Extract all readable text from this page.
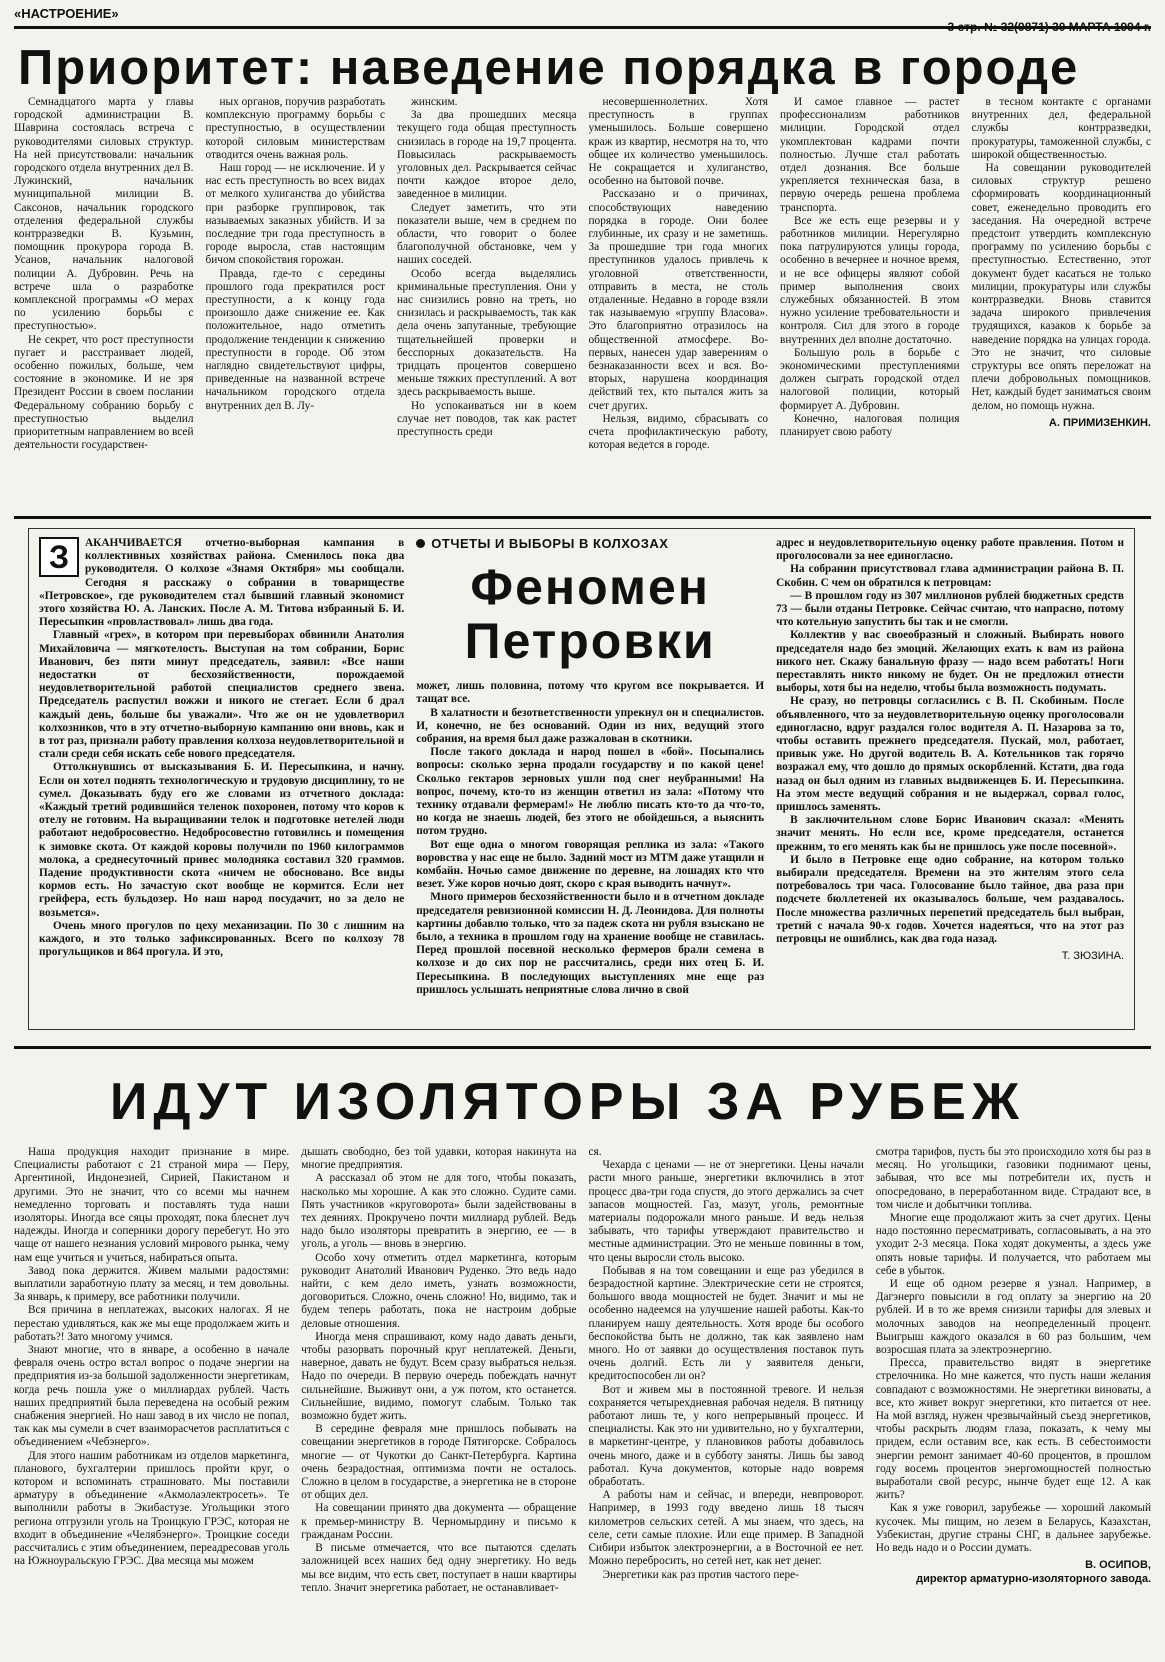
«НАСТРОЕНИЕ»
3 стр. № 32(9871) 30 МАРТА 1994 г.
Приоритет: наведение порядка в городе

Семнадцатого марта у главы городской администрации В. Шаврина состоялась встреча с руководителями силовых структур. На ней присутствовали: начальник городского отдела внутренних дел В. Лужинский, начальник муниципальной милиции В. Саксонов, начальник городского отделения федеральной службы контрразведки В. Кузьмин, помощник прокурора города В. Усанов, начальник налоговой полиции А. Дубровин. Речь на встрече шла о разработке комплексной программы «О мерах по усилению борьбы с преступностью».

Не секрет, что рост преступности пугает и расстраивает людей, особенно пожилых, больше, чем состояние в экономике. И не зря Президент России в своем послании Федеральному собранию борьбу с преступностью выделил приоритетным направлением во всей деятельности государствен-

ных органов, поручив разработать комплексную программу борьбы с преступностью, в осуществлении которой силовым министерствам отводится очень важная роль.

Наш город — не исключение. И у нас есть преступность во всех видах от мелкого хулиганства до убийства при разборке группировок, так называемых заказных убийств. И за последние три года преступность в городе выросла, став настоящим бичом спокойствия горожан.

Правда, где-то с середины прошлого года прекратился рост преступности, а к концу года произошло даже снижение ее. Как положительное, надо отметить продолжение тенденции к снижению преступности в городе. Об этом наглядно свидетельствуют цифры, приведенные на названной встрече начальником городского отдела внутренних дел В. Лу-

жинским.

За два прошедших месяца текущего года общая преступность снизилась в городе на 19,7 процента. Повысилась раскрываемость уголовных дел. Раскрывается сейчас почти каждое второе дело, заведенное в милиции.

Следует заметить, что эти показатели выше, чем в среднем по области, что говорит о более благополучной обстановке, чем у наших соседей.

Особо всегда выделялись криминальные преступления. Они у нас снизились ровно на треть, но снизилась и раскрываемость, так как дела очень запутанные, требующие тщательнейшей проверки и бесспорных доказательств. На тридцать процентов совершено меньше тяжких преступлений. А вот здесь раскрываемость выше.

Но успокаиваться ни в коем случае нет поводов, так как растет преступность среди

несовершеннолетних. Хотя преступность в группах уменьшилось. Больше совершено краж из квартир, несмотря на то, что общее их количество уменьшилось. Не сокращается и хулиганство, особенно на бытовой почве.

Рассказано и о причинах, способствующих наведению порядка в городе. Они более глубинные, их сразу и не заметишь. За прошедшие три года многих преступников удалось привлечь к уголовной ответственности, отправить в места, не столь отдаленные. Недавно в городе взяли так называемую «группу Власова». Это благоприятно отразилось на общественной атмосфере. Во-первых, нанесен удар заверениям о безнаказанности всех и вся. Во-вторых, нарушена координация действий тех, кто пытался жить за счет других.

Нельзя, видимо, сбрасывать со счета профилактическую работу, которая ведется в городе.

И самое главное — растет профессионализм работников милиции. Городской отдел укомплектован кадрами почти полностью. Лучше стал работать отдел дознания. Все больше укрепляется техническая база, в первую очередь решена проблема транспорта.

Все же есть еще резервы и у работников милиции. Нерегулярно пока патрулируются улицы города, особенно в вечернее и ночное время, и не все офицеры являют собой пример выполнения своих служебных обязанностей. В этом нужно усиление требовательности и контроля. Сил для этого в городе внутренних дел вполне достаточно.

Большую роль в борьбе с экономическими преступлениями должен сыграть городской отдел налоговой полиции, который формирует А. Дубровин.

Конечно, налоговая полиция планирует свою работу

в тесном контакте с органами внутренних дел, федеральной службы контрразведки, прокуратуры, таможенной службы, с широкой общественностью.

На совещании руководителей силовых структур решено сформировать координационный совет, еженедельно проводить его заседания. На очередной встрече предстоит утвердить комплексную программу по усилению борьбы с преступностью. Естественно, этот документ будет касаться не только милиции, прокуратуры или службы контрразведки. Вновь ставится задача широкого привлечения трудящихся, казаков к борьбе за наведение порядка на улицах города. Это не значит, что силовые структуры все опять переложат на плечи добровольных помощников. Нет, каждый будет заниматься своим делом, но помощь нужна.

А. ПРИМИЗЕНКИН.
З	АКАНЧИВАЕТСЯ отчетно-выборная кампания в коллективных хозяйствах района. Сменилось пока два руководителя. О колхозе «Знамя Октября» мы сообщали. Сегодня я расскажу о собрании в товариществе «Петровское», где руководителем стал бывший главный экономист этого хозяйства Ю. А. Ланских. После А. М. Титова избранный Б. И. Пересыпкин «провластвовал» лишь два года.

Главный «грех», в котором при перевыборах обвинили Анатолия Михайловича — мягкотелость. Выступая на том собрании, Борис Иванович, без пяти минут председатель, заявил: «Все наши недостатки от бесхозяйственности, порождаемой неудовлетворительной работой специалистов среднего звена. Председатель распустил вожжи и никого не стегает. Если б драл каждый день, больше бы уважали». Что же он не удовлетворил колхозников, что в эту отчетно-выборную кампанию они вновь, как и в тот раз, признали работу правления колхоза неудовлетворительной и стали среди себя искать себе нового председателя.

Оттолкнувшись от высказывания Б. И. Пересыпкина, и начну. Если он хотел поднять технологическую и трудовую дисциплину, то не сумел. Доказывать буду его же словами из отчетного доклада: «Каждый третий родившийся теленок похоронен, потому что коров к отелу не готовим. На выращивании телок и подготовке нетелей люди работают недобросовестно. Недобросовестно готовились и помещения к зимовке скота. От каждой коровы получили по 1960 килограммов молока, а среднесуточный привес молодняка составил 320 граммов. Падение продуктивности скота «ничем не обосновано. Все виды кормов есть. Но зачастую скот вообще не кормится. Если нет грейфера, есть бульдозер. Но наш народ посудачит, но за дело не возьмется».

Очень много прогулов по цеху механизации. По 30 с лишним на каждого, и это только зафиксированных. Всего по колхозу 78 прогульщиков и 864 прогула. И это,

ОТЧЕТЫ И ВЫБОРЫ В КОЛХОЗАХ
Феномен Петровки

может, лишь половина, потому что кругом все покрывается. И тащат все.

В халатности и безответственности упрекнул он и специалистов. И, конечно, не без оснований. Один из них, ведущий этого собрания, на время был даже разжалован в скотники.

После такого доклада и народ пошел в «бой». Посыпались вопросы: сколько зерна продали государству и по какой цене! Сколько гектаров зерновых ушли под снег неубранными! На вопрос, почему, кто-то из женщин ответил из зала: «Потому что технику отдавали фермерам!» Не люблю писать кто-то да что-то, но когда не знаешь людей, без этого не обойдешься, а выяснить потом трудно.

Вот еще одна о многом говорящая реплика из зала: «Такого воровства у нас еще не было. Задний мост из МТМ даже утащили и комбайн. Ночью самое движение по деревне, на лошадях кто что везет. Уже коров ночью доят, скоро с края выводить начнут».

Много примеров бесхозяйственности было и в отчетном докладе председателя ревизионной комиссии Н. Д. Леонидова. Для полноты картины добавлю только, что за падеж скота ни рубля взыскано не было, а техника в прошлом году на хранение вообще не ставилась. Перед прошлой посевной несколько фермеров брали семена в колхозе и до сих пор не рассчитались, среди них отец Б. И. Пересыпкина. В последующих выступлениях мне еще раз пришлось услышать неприятные слова лично в свой

адрес и неудовлетворительную оценку работе правления. Потом и проголосовали за нее единогласно.

На собрании присутствовал глава администрации района В. П. Скобин. С чем он обратился к петровцам:

— В прошлом году из 307 миллионов рублей бюджетных средств 73 — были отданы Петровке. Сейчас считаю, что напрасно, потому что котельную запустить бы так и не смогли.

Коллектив у вас своеобразный и сложный. Выбирать нового председателя надо без эмоций. Желающих ехать к вам из района никого нет. Скажу банальную фразу — надо всем работать! Ноги переставлять никто никому не будет. Он не предложил отнести выборы, хотя бы на неделю, чтобы была возможность подумать.

Не сразу, но петровцы согласились с В. П. Скобиным. После объявленного, что за неудовлетворительную оценку проголосовали единогласно, вдруг раздался голос водителя А. П. Назарова за то, чтобы оставить прежнего председателя. Пускай, мол, работает, привык уже. Но другой водитель В. А. Котельников так горячо возражал ему, что дошло до прямых оскорблений. Кстати, два года назад он был одним из главных выдвиженцев Б. И. Пересыпкина. На этом месте ведущий собрания и не выдержал, сорвал голос, пришлось заменять.

В заключительном слове Борис Иванович сказал: «Менять значит менять. Но если все, кроме председателя, останется прежним, то его менять как бы не пришлось уже после посевной».

И было в Петровке еще одно собрание, на котором только выбирали председателя. Времени на это жителям этого села потребовалось три часа. Голосование было тайное, два раза при подсчете бюллетеней их оказывалось больше, чем раздавалось. После множества различных перепетий председатель был выбран, третий с начала 90-х годов. Хочется надеяться, что на этот раз петровцы не ошиблись, как два года назад.

Т. ЗЮЗИНА.
ИДУТ ИЗОЛЯТОРЫ ЗА РУБЕЖ

Наша продукция находит признание в мире. Специалисты работают с 21 страной мира — Перу, Аргентиной, Индонезией, Сирией, Пакистаном и другими. Это не значит, что со всеми мы начнем немедленно торговать и поставлять туда наши изоляторы. Иногда все сяцы проходят, пока блеснет луч надежды. Иногда и соперники дорогу перебегут. Но это чаще от нашего незнания условий мирового рынка, чему нам еще учиться и учиться, набираться опыта.

Завод пока держится. Живем малыми радостями: выплатили заработную плату за месяц, и тем довольны. За январь, к примеру, все работники получили.

Вся причина в неплатежах, высоких налогах. Я не перестаю удивляться, как же мы еще продолжаем жить и работать?! Зато многому учимся.

Знают многие, что в январе, а особенно в начале февраля очень остро встал вопрос о подаче энергии на предприятия из-за большой задолженности энергетикам, когда речь пошла уже о миллиардах рублей. Часть наших предприятий была переведена на особый режим снабжения энергией. Но наш завод в их число не попал, так как мы сумели в счет взаиморасчетов расплатиться с объединением «Чебэнерго».

Для этого нашим работникам из отделов маркетинга, планового, бухгалтерии пришлось пройти круг, о котором и вспоминать страшновато. Мы поставили арматуру в объединение «Акмолаэлектросеть». Те выполнили работы в Экибастузе. Угольщики этого региона отгрузили уголь на Троицкую ГРЭС, которая не входит в объединение «Челябэнерго». Троицкие соседи рассчитались с этим объединением, переадресовав уголь на Южноуральскую ГРЭС. Два месяца мы можем

дышать свободно, без той удавки, которая накинута на многие предприятия.

А рассказал об этом не для того, чтобы показать, насколько мы хорошие. А как это сложно. Судите сами. Пять участников «круговорота» были задействованы в тех деяниях. Прокручено почти миллиард рублей. Ведь надо было изоляторы превратить в энергию, ее — в уголь, а уголь — вновь в энергию.

Особо хочу отметить отдел маркетинга, которым руководит Анатолий Иванович Руденко. Это ведь надо найти, с кем дело иметь, узнать возможности, договориться. Сложно, очень сложно! Но, видимо, так и будем теперь работать, пока не настроим добрые деловые отношения.

Иногда меня спрашивают, кому надо давать деньги, чтобы разорвать порочный круг неплатежей. Деньги, наверное, давать не будут. Всем сразу выбраться нельзя. Надо по очереди. В первую очередь побеждать начнут сильнейшие. Выживут они, а уж потом, кто останется. Сильнейшие, видимо, помогут слабым. Только так возможно будет жить.

В середине февраля мне пришлось побывать на совещании энергетиков в городе Пятигорске. Собралось многие — от Чукотки до Санкт-Петербурга. Картина очень безрадостная, оптимизма почти не осталось. Сложно в целом в государстве, а энергетика не в стороне от общих дел.

На совещании принято два документа — обращение к премьер-министру В. Черномырдину и письмо к гражданам России.

В письме отмечается, что все пытаются сделать заложницей всех наших бед одну энергетику. Но ведь мы все видим, что есть свет, поступает в наши квартиры тепло. Значит энергетика работает, не останавливает-

ся.

Чехарда с ценами — не от энергетики. Цены начали расти много раньше, энергетики включились в этот процесс два-три года спустя, до этого держались за счет запасов мощностей. Газ, мазут, уголь, ремонтные материалы подорожали много раньше. И ведь нельзя забывать, что тарифы утверждают правительство и местные администрации. Это не меньше повинны в том, что цены выросли столь высоко.

Побывав я на том совещании и еще раз убедился в безрадостной картине. Электрические сети не строятся, большого ввода мощностей не будет. Значит и мы не особенно надеемся на улучшение нашей работы. Как-то планируем нашу деятельность. Хотя вроде бы особого беспокойства быть не должно, так как заявлено нам много. Но от заявки до осуществления поставок путь очень долгий. Есть ли у заявителя деньги, кредитоспособен ли он?

Вот и живем мы в постоянной тревоге. И нельзя сохраняется четырехдневная рабочая неделя. В пятницу работают лишь те, у кого непрерывный процесс. И специалисты. Как это ни удивительно, но у бухгалтерии, в маркетинг-центре, у плановиков работы добавилось очень много, даже и в субботу заняты. Лишь бы завод работал. Куча документов, которые надо вовремя обработать.

А работы нам и сейчас, и впереди, невпроворот. Например, в 1993 году введено лишь 18 тысяч километров сельских сетей. А мы знаем, что здесь, на селе, сети самые плохие. Или еще пример. В Западной Сибири избыток электроэнергии, а в Восточной ее нет. Можно перебросить, но сетей нет, как нет денег.

Энергетики как раз против частого пере-

смотра тарифов, пусть бы это происходило хотя бы раз в месяц. Но угольщики, газовики поднимают цены, забывая, что все мы потребители их, пусть и опосредовано, в переработанном виде. Страдают все, в том числе и добытчики топлива.

Многие еще продолжают жить за счет других. Цены надо постоянно пересматривать, согласовывать, а на это уходит 2-3 месяца. Пока ходят документы, а здесь уже опять новые тарифы. И получается, что работаем мы себе в убыток.

И еще об одном резерве я узнал. Например, в Дагэнерго повысили в год оплату за энергию на 20 рублей. И в то же время снизили тарифы для элевых и молочных заводов на неопределенный процент. Выигрыш каждого оказался в 60 раз большим, чем возросшая плата за электроэнергию.

Пресса, правительство видят в энергетике стрелочника. Но мне кажется, что пусть наши желания совпадают с возможностями. Не энергетики виноваты, а все, кто живет вокруг энергетики, кто питается от нее. На мой взгляд, нужен чрезвычайный съезд энергетиков, чтобы раскрыть людям глаза, показать, к чему мы придем, если оставим все, как есть. В себестоимости энергии ремонт занимает 40-60 процентов, в прошлом году восемь процентов энергомощностей полностью выработали свой ресурс, нынче будет еще 12. А как жить?

Как я уже говорил, зарубежье — хороший лакомый кусочек. Мы пищим, но лезем в Беларусь, Казахстан, Узбекистан, другие страны СНГ, в дальнее зарубежье. Но ведь надо и о России думать.

В. ОСИПОВ,
директор арматурно-изоляторного завода.
